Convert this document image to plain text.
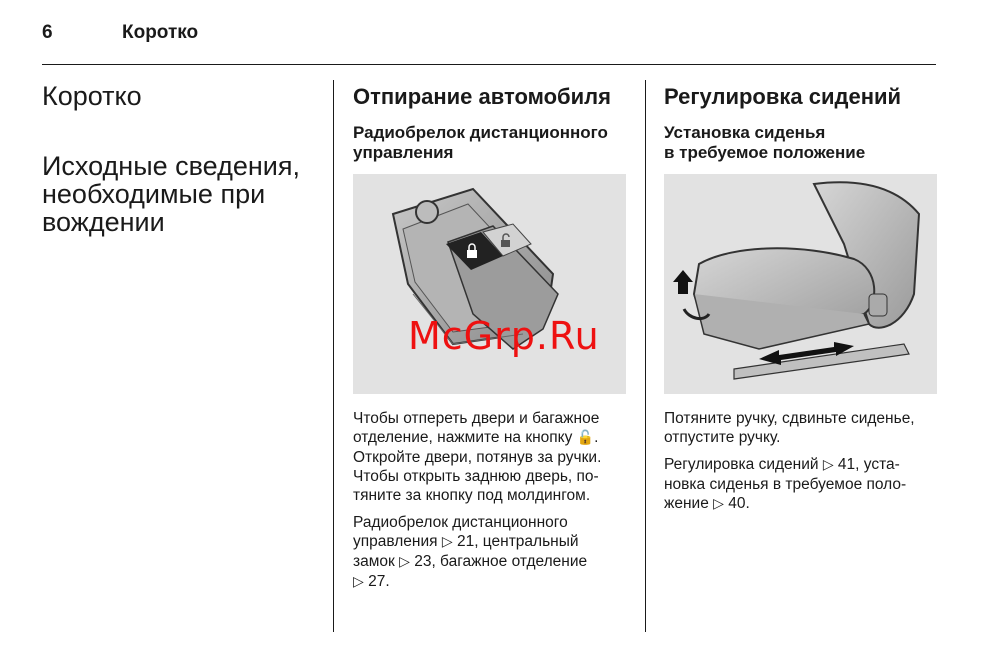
6	Коротко
Коротко
Исходные сведения, необходимые при вождении
Отпирание автомобиля
Радиобрелок дистанционного управления
McGrp.Ru

Чтобы отпереть двери и багажное
отделение, нажмите на кнопку 🔓.
Откройте двери, потянув за ручки.
Чтобы открыть заднюю дверь, по-
тяните за кнопку под молдингом.

Радиобрелок дистанционного
управления ▷ 21, центральный
замок ▷ 23, багажное отделение
▷ 27.

Регулировка сидений
Установка сиденья
в требуемое положение

Потяните ручку, сдвиньте сиденье,
отпустите ручку.

Регулировка сидений ▷ 41, уста-
новка сиденья в требуемое поло-
жение ▷ 40.
